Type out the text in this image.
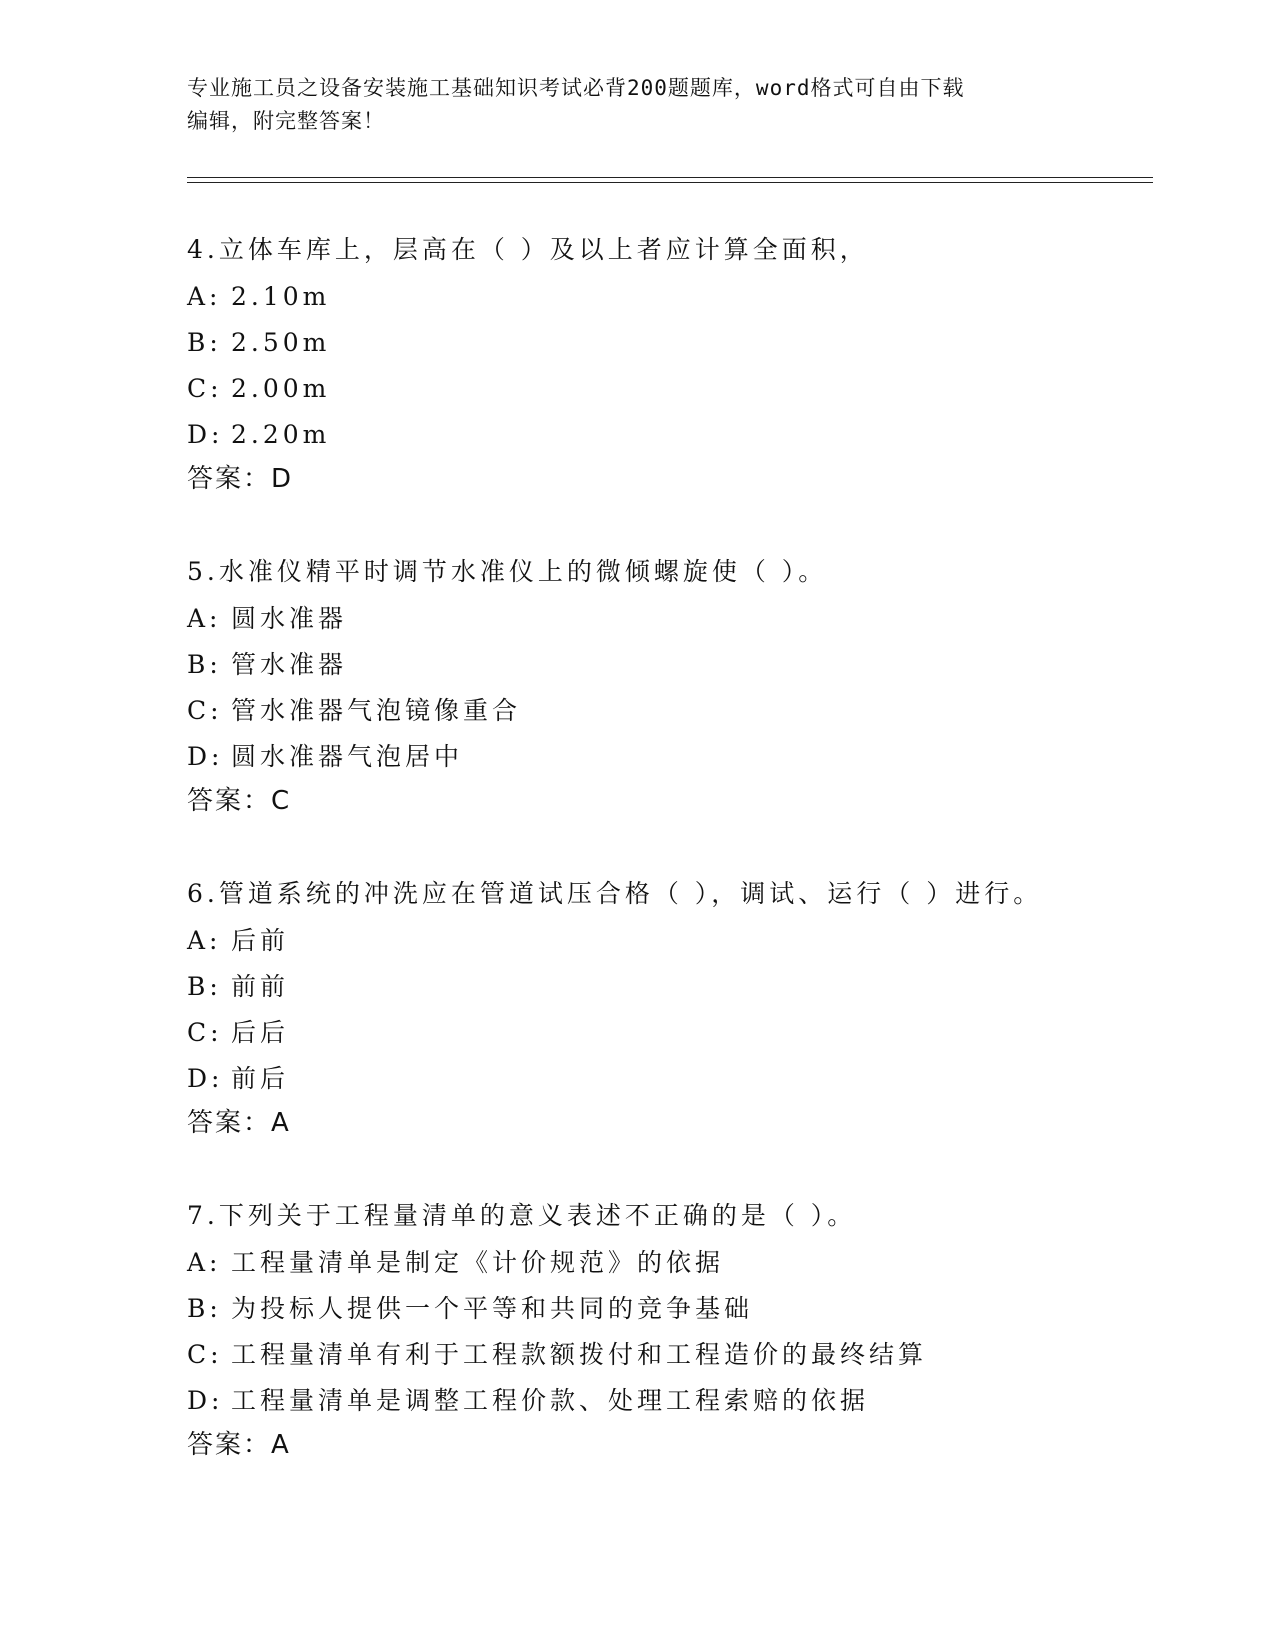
专业施工员之设备安装施工基础知识考试必背200题题库，word格式可自由下载
编辑，附完整答案！
4.立体车库上，层高在（ ）及以上者应计算全面积，
A: 2.10m
B: 2.50m
C: 2.00m
D: 2.20m
答案：D
5.水准仪精平时调节水准仪上的微倾螺旋使（ ）。
A: 圆水准器
B: 管水准器
C: 管水准器气泡镜像重合
D: 圆水准器气泡居中
答案：C
6.管道系统的冲洗应在管道试压合格（ ），调试、运行（ ）进行。
A: 后前
B: 前前
C: 后后
D: 前后
答案：A
7.下列关于工程量清单的意义表述不正确的是（ ）。
A: 工程量清单是制定《计价规范》的依据
B: 为投标人提供一个平等和共同的竞争基础
C: 工程量清单有利于工程款额拨付和工程造价的最终结算
D: 工程量清单是调整工程价款、处理工程索赔的依据
答案：A
